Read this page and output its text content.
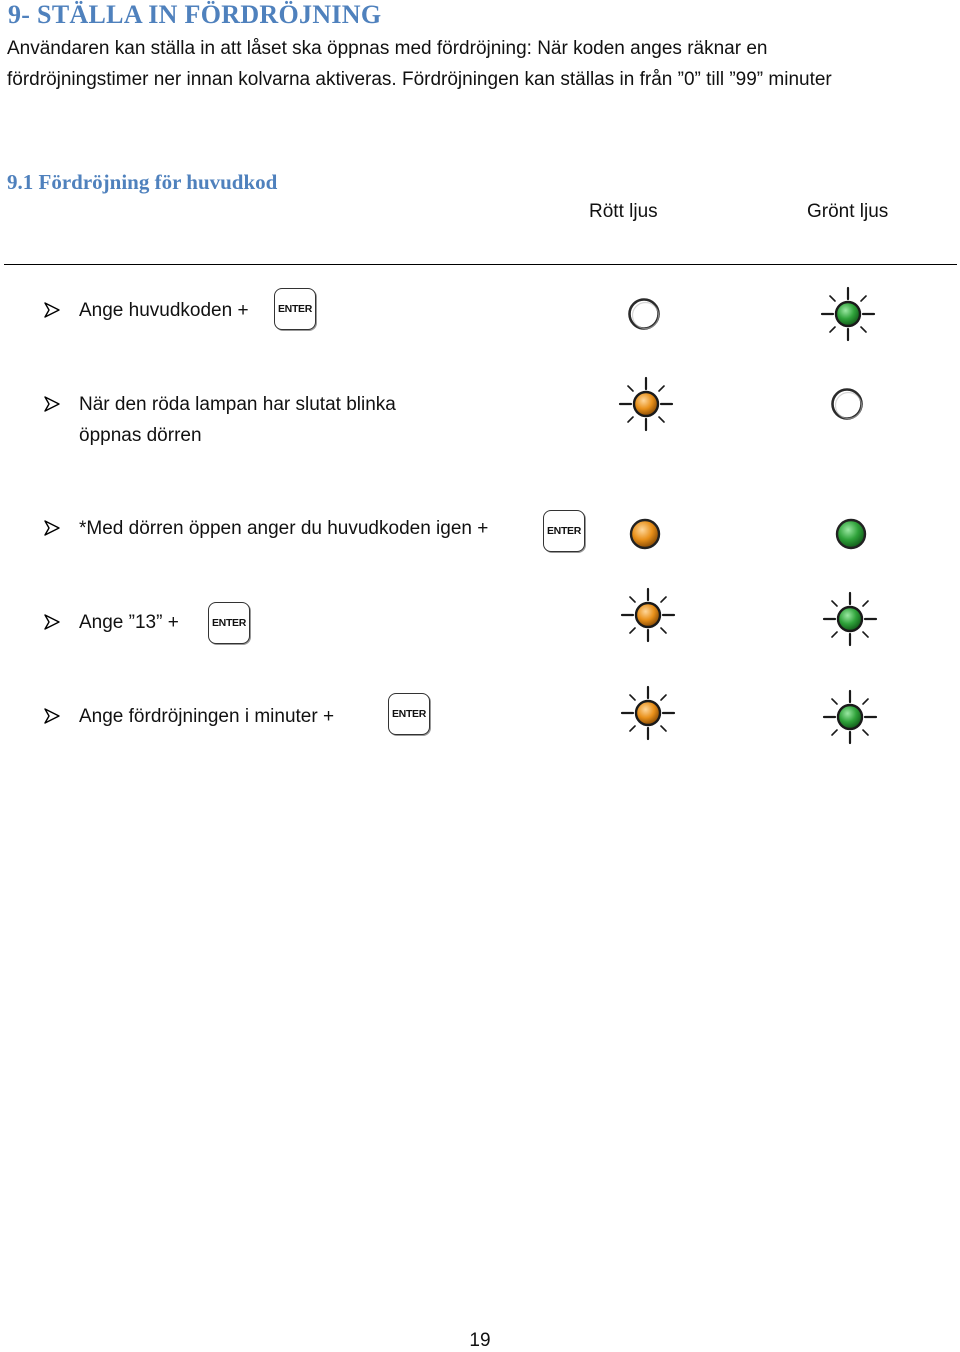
9- STÄLLA IN FÖRDRÖJNING
Användaren kan ställa in att låset ska öppnas med fördröjning: När koden anges räknar en
fördröjningstimer ner innan kolvarna aktiveras. Fördröjningen kan ställas in från ”0” till ”99” minuter
9.1 Fördröjning för huvudkod
Rött ljus	Grönt ljus
Ange huvudkoden +	ENTER
När den röda lampan har slutat blinka
öppnas dörren
*Med dörren öppen anger du huvudkoden igen +	ENTER
Ange ”13” +	ENTER
Ange fördröjningen i minuter +	ENTER
19
